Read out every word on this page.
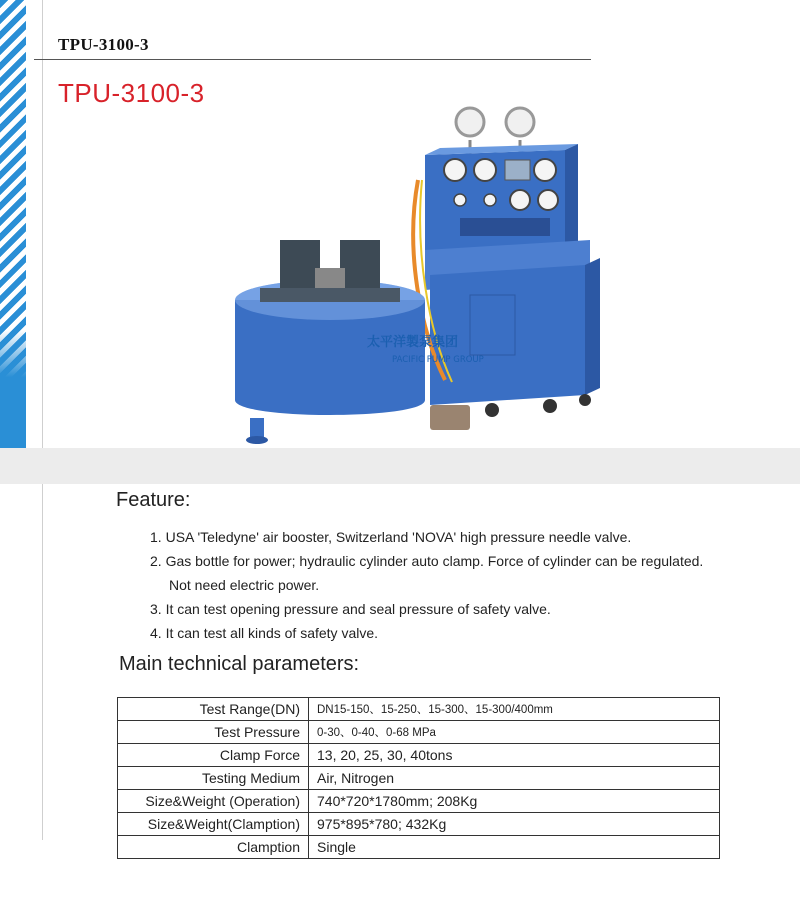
TPU-3100-3
TPU-3100-3
太平洋製泵集团
PACIFIC PUMP GROUP
Feature:
1. USA 'Teledyne' air booster, Switzerland 'NOVA' high pressure needle valve.
2. Gas bottle for power; hydraulic cylinder auto clamp. Force of cylinder can be regulated.
Not need electric power.
3. It can test opening pressure and seal pressure of safety valve.
4. It can test all kinds of safety valve.
Main technical parameters:
Test Range(DN)	DN15-150、15-250、15-300、15-300/400mm
Test Pressure	0-30、0-40、0-68 MPa
Clamp Force	13, 20, 25, 30, 40tons
Testing Medium	Air, Nitrogen
Size&Weight (Operation)	740*720*1780mm; 208Kg
Size&Weight(Clamption)	975*895*780; 432Kg
Clamption	Single
